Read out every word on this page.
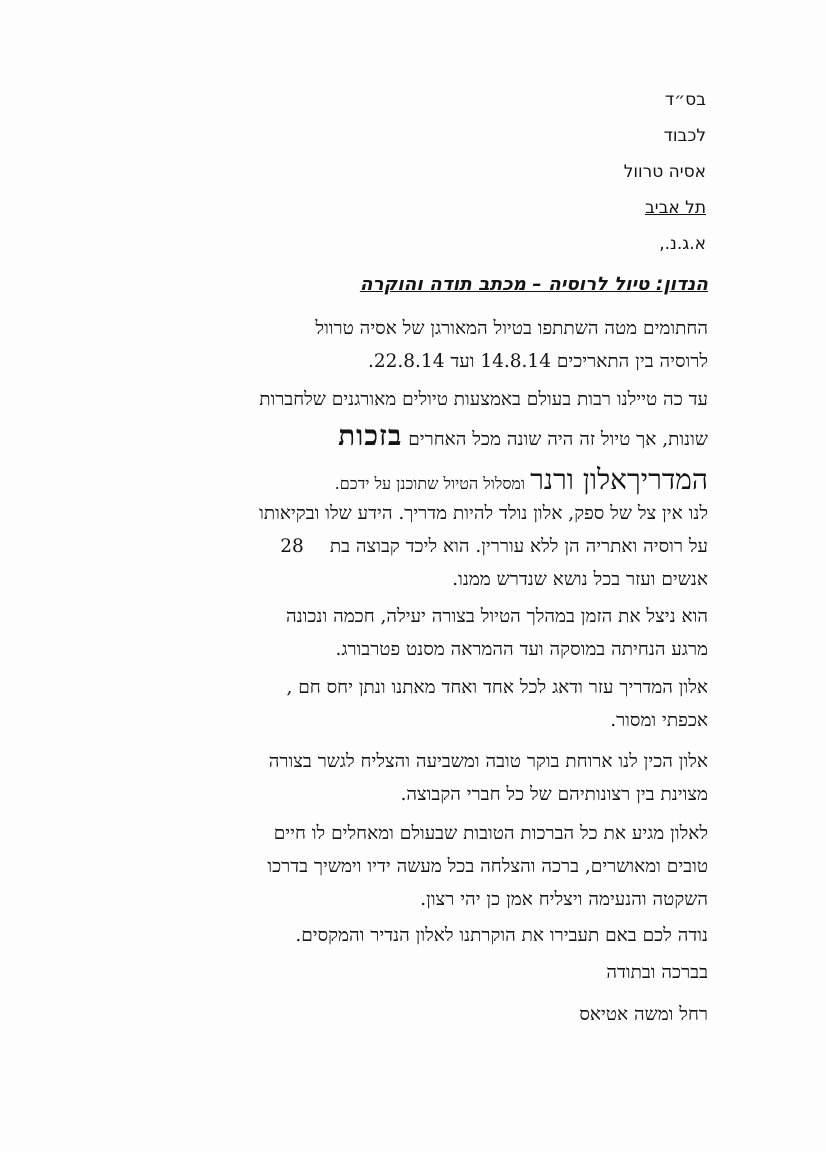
בס״ד
לכבוד
אסיה טרוול
תל אביב
א.ג.נ.,
הנדון: טיול לרוסיה – מכתב תודה והוקרה
החתומים מטה השתתפו בטיול המאורגן של אסיה טרוול
לרוסיה בין התאריכים 14.8.14 ועד 22.8.14.
עד כה טיילנו רבות בעולם באמצעות טיולים מאורגנים שלחברות
שונות, אך טיול זה היה שונה מכל האחרים בזכות
המדריךאלון ורנר ומסלול הטיול שתוכנן על ידכם.
לנו אין צל של ספק, אלון נולד להיות מדריך. הידע שלו ובקיאותו
על רוסיה ואתריה הן ללא עוררין. הוא ליכד קבוצה בת28
אנשים ועזר בכל נושא שנדרש ממנו.
הוא ניצל את הזמן במהלך הטיול בצורה יעילה, חכמה ונכונה
מרגע הנחיתה במוסקה ועד ההמראה מסנט פטרבורג.
אלון המדריך עזר ודאג לכל אחד ואחד מאתנו ונתן יחס חם ,
אכפתי ומסור.
אלון הכין לנו ארוחת בוקר טובה ומשביעה והצליח לגשר בצורה
מצוינת בין רצונותיהם של כל חברי הקבוצה.
לאלון מגיע את כל הברכות הטובות שבעולם ומאחלים לו חיים
טובים ומאושרים, ברכה והצלחה בכל מעשה ידיו וימשיך בדרכו
השקטה והנעימה ויצליח אמן כן יהי רצון.
נודה לכם באם תעבירו את הוקרתנו לאלון הנדיר והמקסים.
בברכה ובתודה
רחל ומשה אטיאס
